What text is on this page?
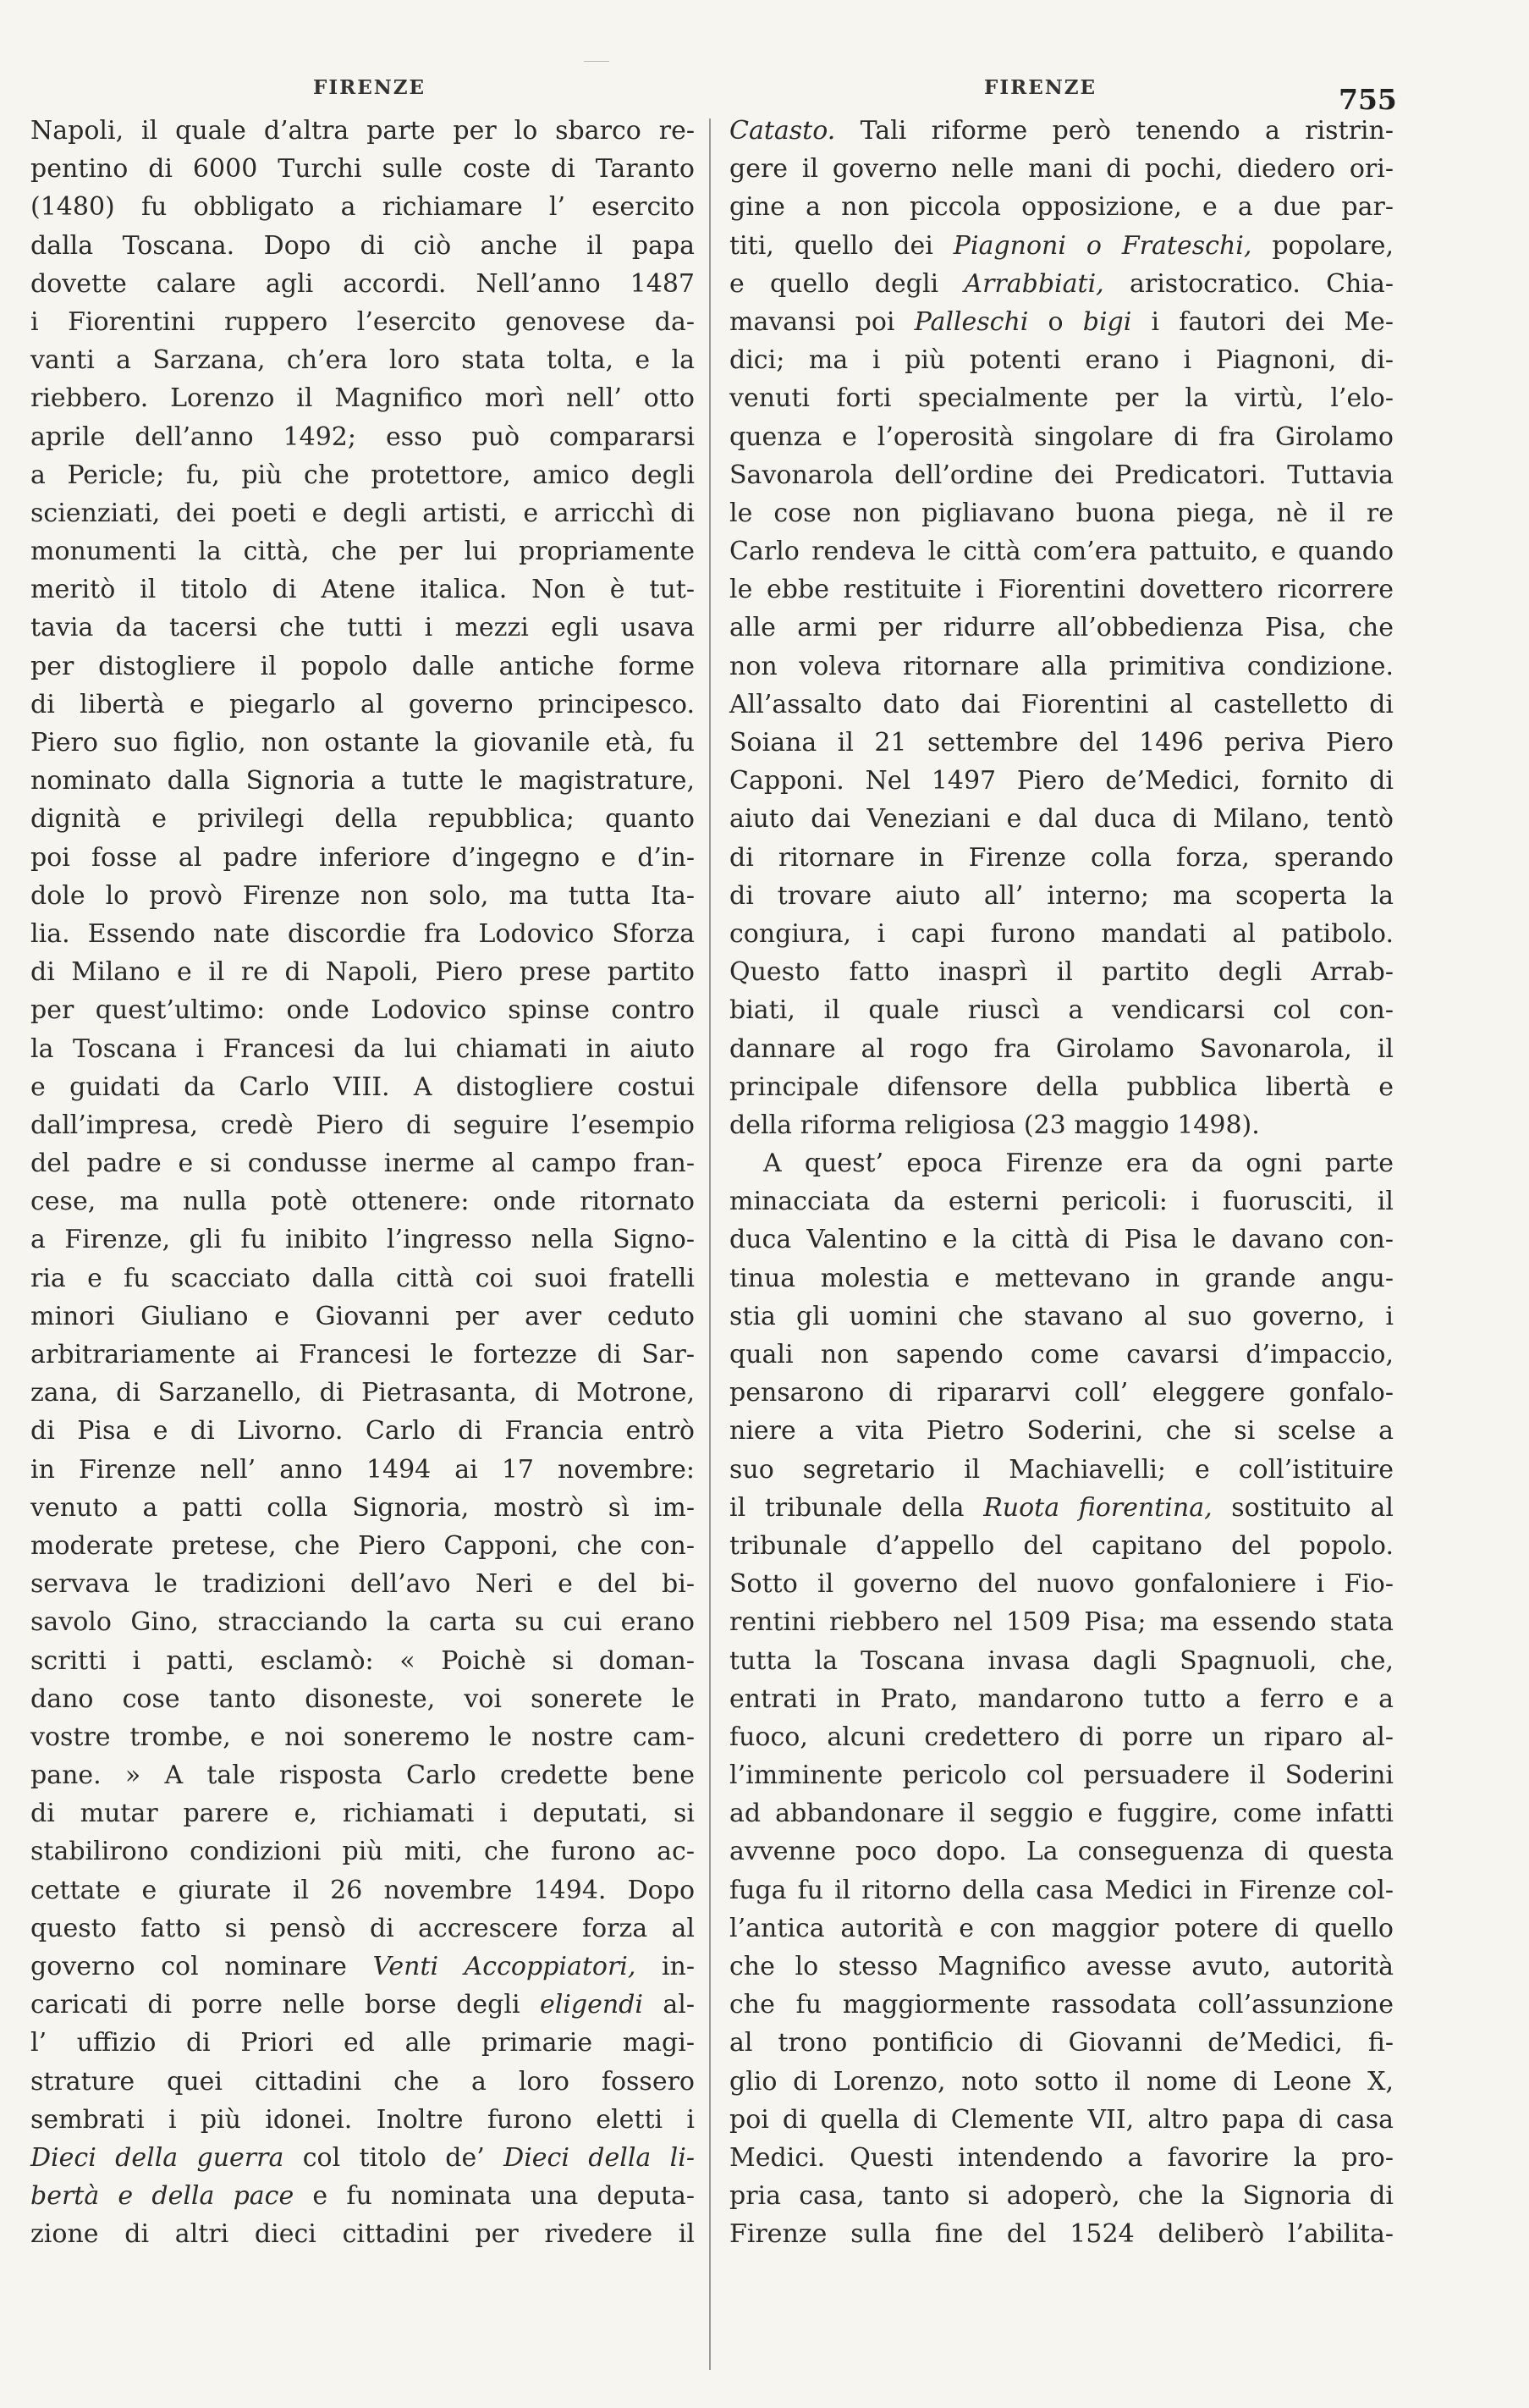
FIRENZE	FIRENZE	755
Napoli, il quale d’altra parte per lo sbarco re-
pentino di 6000 Turchi sulle coste di Taranto
(1480) fu obbligato a richiamare l’ esercito
dalla Toscana. Dopo di ciò anche il papa
dovette calare agli accordi. Nell’anno 1487
i Fiorentini ruppero l’esercito genovese da-
vanti a Sarzana, ch’era loro stata tolta, e la
riebbero. Lorenzo il Magnifico morì nell’ otto
aprile dell’anno 1492; esso può compararsi
a Pericle; fu, più che protettore, amico degli
scienziati, dei poeti e degli artisti, e arricchì di
monumenti la città, che per lui propriamente
meritò il titolo di Atene italica. Non è tut-
tavia da tacersi che tutti i mezzi egli usava
per distogliere il popolo dalle antiche forme
di libertà e piegarlo al governo principesco.
Piero suo figlio, non ostante la giovanile età, fu
nominato dalla Signoria a tutte le magistrature,
dignità e privilegi della repubblica; quanto
poi fosse al padre inferiore d’ingegno e d’in-
dole lo provò Firenze non solo, ma tutta Ita-
lia. Essendo nate discordie fra Lodovico Sforza
di Milano e il re di Napoli, Piero prese partito
per quest’ultimo: onde Lodovico spinse contro
la Toscana i Francesi da lui chiamati in aiuto
e guidati da Carlo VIII. A distogliere costui
dall’impresa, credè Piero di seguire l’esempio
del padre e si condusse inerme al campo fran-
cese, ma nulla potè ottenere: onde ritornato
a Firenze, gli fu inibito l’ingresso nella Signo-
ria e fu scacciato dalla città coi suoi fratelli
minori Giuliano e Giovanni per aver ceduto
arbitrariamente ai Francesi le fortezze di Sar-
zana, di Sarzanello, di Pietrasanta, di Motrone,
di Pisa e di Livorno. Carlo di Francia entrò
in Firenze nell’ anno 1494 ai 17 novembre:
venuto a patti colla Signoria, mostrò sì im-
moderate pretese, che Piero Capponi, che con-
servava le tradizioni dell’avo Neri e del bi-
savolo Gino, stracciando la carta su cui erano
scritti i patti, esclamò: « Poichè si doman-
dano cose tanto disoneste, voi sonerete le
vostre trombe, e noi soneremo le nostre cam-
pane. » A tale risposta Carlo credette bene
di mutar parere e, richiamati i deputati, si
stabilirono condizioni più miti, che furono ac-
cettate e giurate il 26 novembre 1494. Dopo
questo fatto si pensò di accrescere forza al
governo col nominare Venti Accoppiatori, in-
caricati di porre nelle borse degli eligendi al-
l’ uffizio di Priori ed alle primarie magi-
strature quei cittadini che a loro fossero
sembrati i più idonei. Inoltre furono eletti i
Dieci della guerra col titolo de’ Dieci della li-
bertà e della pace e fu nominata una deputa-
zione di altri dieci cittadini per rivedere il
Catasto. Tali riforme però tenendo a ristrin-
gere il governo nelle mani di pochi, diedero ori-
gine a non piccola opposizione, e a due par-
titi, quello dei Piagnoni o Frateschi, popolare,
e quello degli Arrabbiati, aristocratico. Chia-
mavansi poi Palleschi o bigi i fautori dei Me-
dici; ma i più potenti erano i Piagnoni, di-
venuti forti specialmente per la virtù, l’elo-
quenza e l’operosità singolare di fra Girolamo
Savonarola dell’ordine dei Predicatori. Tuttavia
le cose non pigliavano buona piega, nè il re
Carlo rendeva le città com’era pattuito, e quando
le ebbe restituite i Fiorentini dovettero ricorrere
alle armi per ridurre all’obbedienza Pisa, che
non voleva ritornare alla primitiva condizione.
All’assalto dato dai Fiorentini al castelletto di
Soiana il 21 settembre del 1496 periva Piero
Capponi. Nel 1497 Piero de’Medici, fornito di
aiuto dai Veneziani e dal duca di Milano, tentò
di ritornare in Firenze colla forza, sperando
di trovare aiuto all’ interno; ma scoperta la
congiura, i capi furono mandati al patibolo.
Questo fatto inasprì il partito degli Arrab-
biati, il quale riuscì a vendicarsi col con-
dannare al rogo fra Girolamo Savonarola, il
principale difensore della pubblica libertà e
della riforma religiosa (23 maggio 1498).
A quest’ epoca Firenze era da ogni parte
minacciata da esterni pericoli: i fuorusciti, il
duca Valentino e la città di Pisa le davano con-
tinua molestia e mettevano in grande angu-
stia gli uomini che stavano al suo governo, i
quali non sapendo come cavarsi d’impaccio,
pensarono di ripararvi coll’ eleggere gonfalo-
niere a vita Pietro Soderini, che si scelse a
suo segretario il Machiavelli; e coll’istituire
il tribunale della Ruota fiorentina, sostituito al
tribunale d’appello del capitano del popolo.
Sotto il governo del nuovo gonfaloniere i Fio-
rentini riebbero nel 1509 Pisa; ma essendo stata
tutta la Toscana invasa dagli Spagnuoli, che,
entrati in Prato, mandarono tutto a ferro e a
fuoco, alcuni credettero di porre un riparo al-
l’imminente pericolo col persuadere il Soderini
ad abbandonare il seggio e fuggire, come infatti
avvenne poco dopo. La conseguenza di questa
fuga fu il ritorno della casa Medici in Firenze col-
l’antica autorità e con maggior potere di quello
che lo stesso Magnifico avesse avuto, autorità
che fu maggiormente rassodata coll’assunzione
al trono pontificio di Giovanni de’Medici, fi-
glio di Lorenzo, noto sotto il nome di Leone X,
poi di quella di Clemente VII, altro papa di casa
Medici. Questi intendendo a favorire la pro-
pria casa, tanto si adoperò, che la Signoria di
Firenze sulla fine del 1524 deliberò l’abilita-
